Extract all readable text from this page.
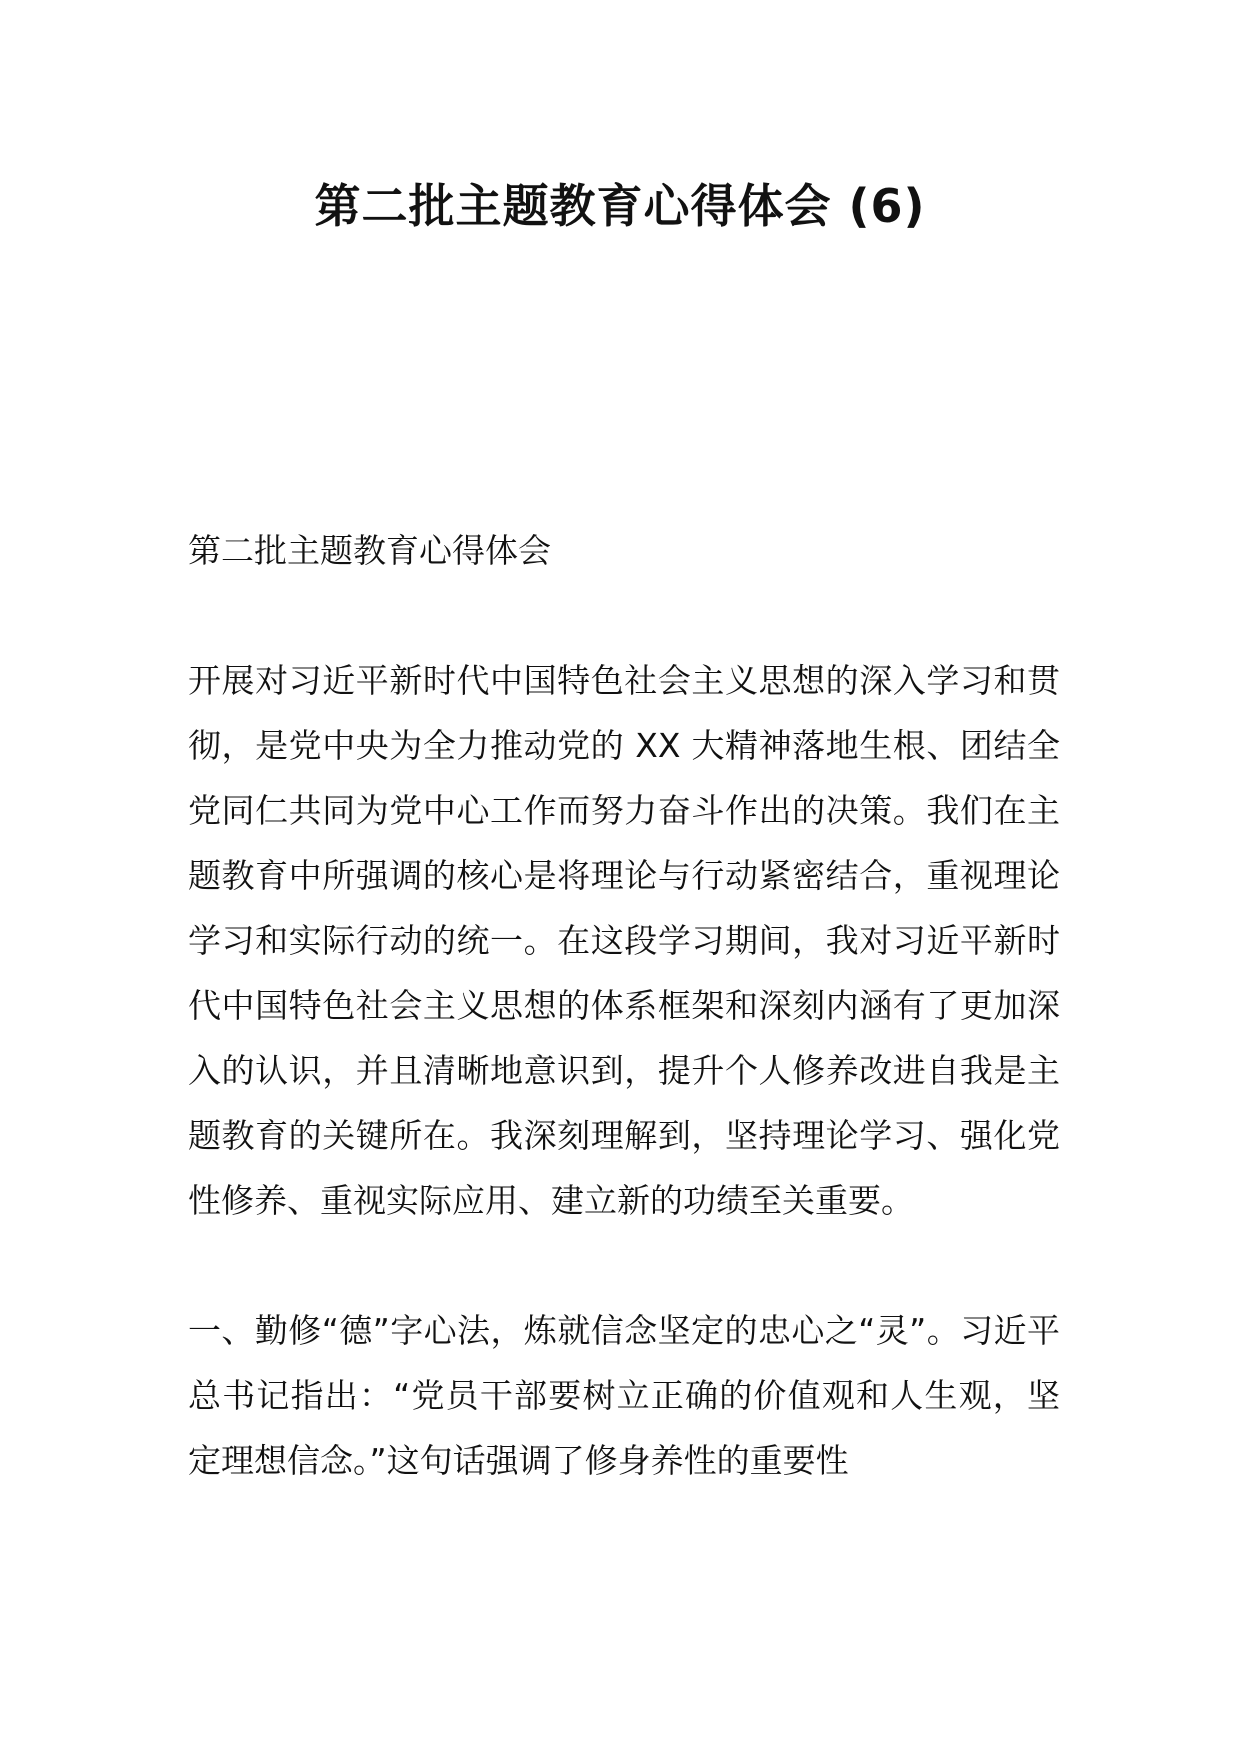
第二批主题教育心得体会 (6)

第二批主题教育心得体会

开展对习近平新时代中国特色社会主义思想的深入学习和贯彻，是党中央为全力推动党的 XX 大精神落地生根、团结全党同仁共同为党中心工作而努力奋斗作出的决策。我们在主题教育中所强调的核心是将理论与行动紧密结合，重视理论学习和实际行动的统一。在这段学习期间，我对习近平新时代中国特色社会主义思想的体系框架和深刻内涵有了更加深入的认识，并且清晰地意识到，提升个人修养改进自我是主题教育的关键所在。我深刻理解到，坚持理论学习、强化党性修养、重视实际应用、建立新的功绩至关重要。

一、勤修“德”字心法，炼就信念坚定的忠心之“灵”。习近平总书记指出：“党员干部要树立正确的价值观和人生观，坚定理想信念。”这句话强调了修身养性的重要性
